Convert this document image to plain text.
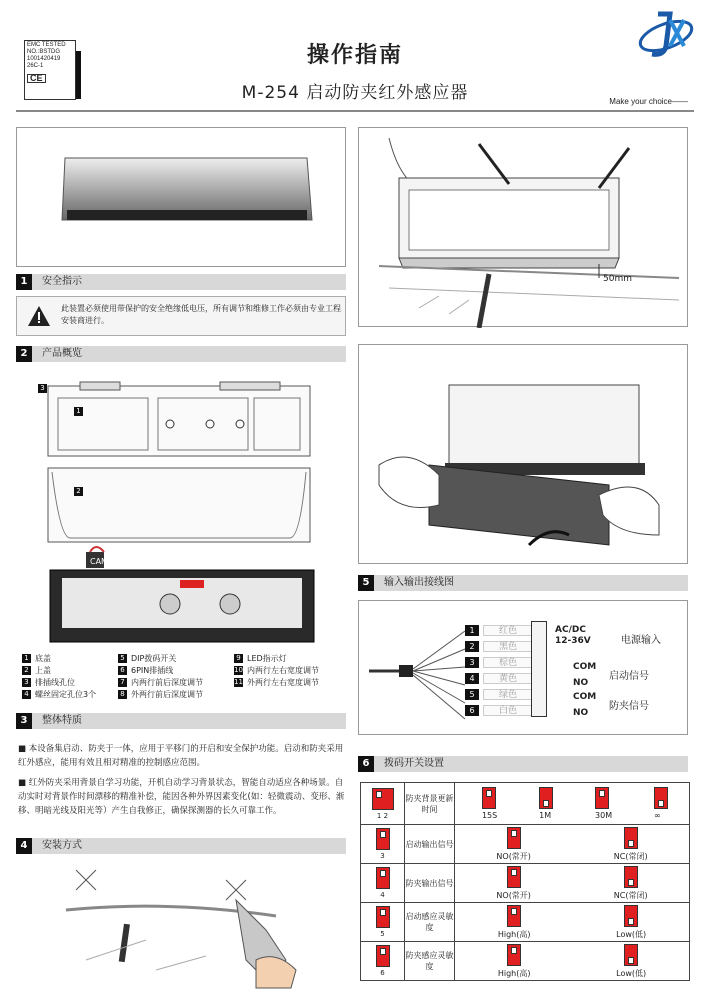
EMC TESTED
NO.:BSTDG
1001420419
26C-1
CE
操作指南
M-254 启动防夹红外感应器	Make your choice——
1 安全指示
此装置必须使用带保护的安全绝缘低电压，所有调节和维修工作必须由专业工程安装商进行。
2 产品概览
3
1
2
CAMBO
1 底盖	5 DIP拨码开关	9 LED指示灯
2 上盖	6 6PIN排插线	10 内两行左右宽度调节
3 排插线孔位	7 内两行前后深度调节	11 外两行左右宽度调节
4 螺丝固定孔位3个	8 外两行前后深度调节
3 整体特质
■ 本设备集启动、防夹于一体，应用于平移门的开启和安全保护功能。启动和防夹采用红外感应，能用有效且相对精准的控制感应范围。
■ 红外防夹采用背景自学习功能，开机自动学习背景状态，智能自动适应各种场景。自动实时对背景作时间漂移的精准补偿，能因各种外界因素变化(如：轻微震动、变形、渐移、明暗光线及阳光等）产生自我修正，确保探测器的长久可靠工作。
4 安装方式
50mm
5 输入输出接线图
1	红色
2	黑色
3	棕色
4	黄色
5	绿色
6	白色
AC/DC
12-36V	电源输入
COM
NO
启动信号
COM
NO
防夹信号
6 拨码开关设置
1 2	防夹背景更新时间	15S 1M 30M ∞

3	启动输出信号	NO(常开) NC(常闭)

4	防夹输出信号	NO(常开) NC(常闭)

5	启动感应灵敏度	High(高) Low(低)

6	防夹感应灵敏度	High(高) Low(低)
